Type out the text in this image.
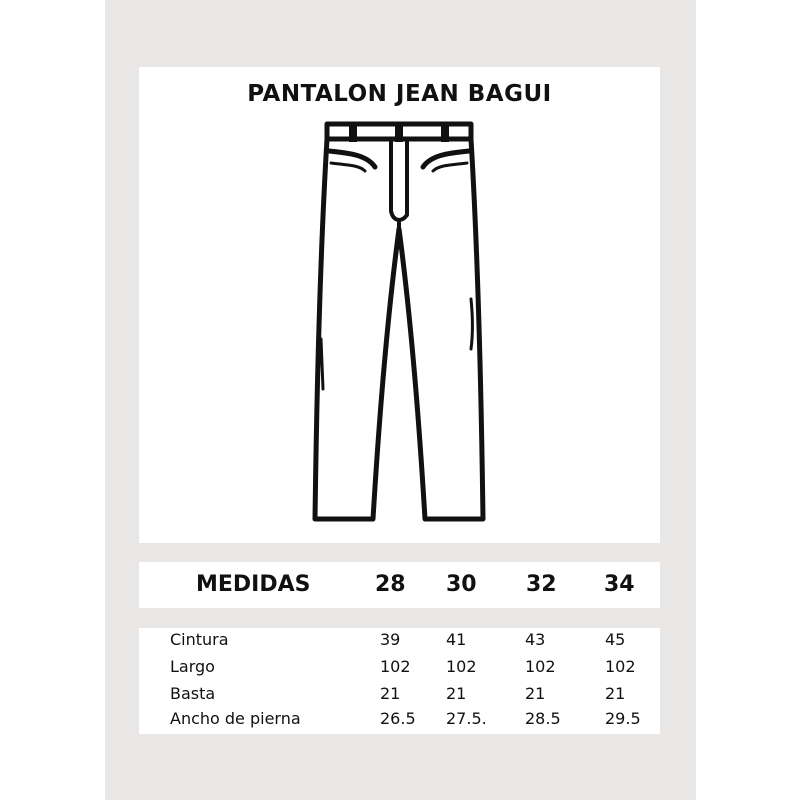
PANTALON JEAN BAGUI
MEDIDAS	28 30 32 34
Cintura	39	41	43	45
Largo	102 102	102	102
Basta	21	21	21	21
Ancho de pierna	26.5 27.5. 28.5	29.5
